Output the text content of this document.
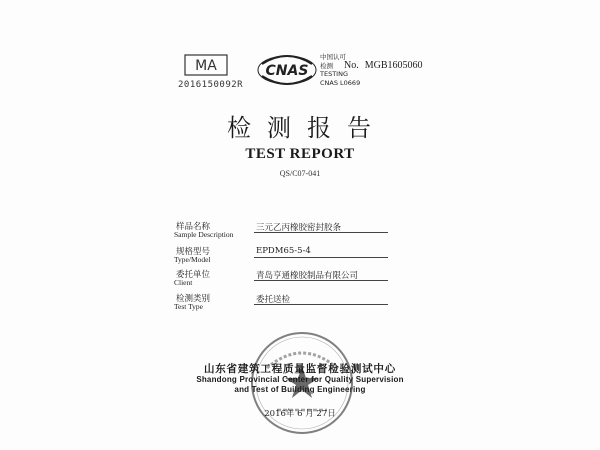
MA
2016150092R
CNAS
中国认可
检测
TESTING
CNAS L0669
No. MGB1605060
检测报告
TEST REPORT
QS/C07-041
样品名称
Sample Description
三元乙丙橡胶密封胶条
规格型号
Type/Model
EPDM65-5-4
委托单位
Client
青岛亨通橡胶制品有限公司
检测类别
Test Type
委托送检
山东省建筑工程质量监督检验测试中心
Shandong Provincial Center for Quality Supervision
and Test of Building Engineering
2016年 6 月 27日
